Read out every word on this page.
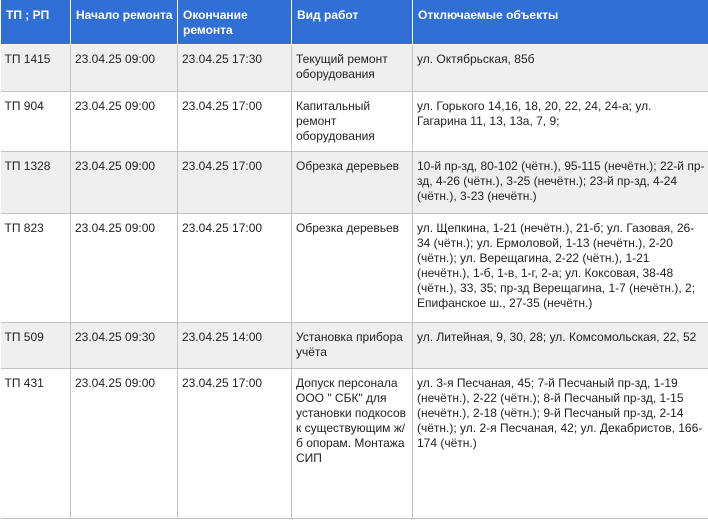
ТП ; РП	Начало ремонта	Окончание ремонта	Вид работ	Отключаемые объекты
ТП 1415	23.04.25 09:00	23.04.25 17:30	Текущий ремонт оборудования	ул. Октябрьская, 85б
ТП 904	23.04.25 09:00	23.04.25 17:00	Капитальный ремонт оборудования	ул. Горького 14,16, 18, 20, 22, 24, 24-а; ул. Гагарина 11, 13, 13а, 7, 9;
ТП 1328	23.04.25 09:00	23.04.25 17:00	Обрезка деревьев	10-й пр-зд, 80-102 (чётн.), 95-115 (нечётн.); 22-й пр-зд, 4-26 (чётн.), 3-25 (нечётн.); 23-й пр-зд, 4-24 (чётн.), 3-23 (нечётн.)
ТП 823	23.04.25 09:00	23.04.25 17:00	Обрезка деревьев	ул. Щепкина, 1-21 (нечётн.), 21-б; ул. Газовая, 26-34 (чётн.); ул. Ермоловой, 1-13 (нечётн.), 2-20 (чётн.); ул. Верещагина, 2-22 (чётн.), 1-21 (нечётн.), 1-б, 1-в, 1-г, 2-а; ул. Коксовая, 38-48 (чётн.), 33, 35; пр-зд Верещагина, 1-7 (нечётн.), 2; Епифанское ш., 27-35 (нечётн.)
ТП 509	23.04.25 09:30	23.04.25 14:00	Установка прибора учёта	ул. Литейная, 9, 30, 28; ул. Комсомольская, 22, 52
ТП 431	23.04.25 09:00	23.04.25 17:00	Допуск персонала ООО " СБК" для установки подкосов к существующим ж/б опорам. Монтажа СИП	ул. 3-я Песчаная, 45; 7-й Песчаный пр-зд, 1-19 (нечётн.), 2-22 (чётн.); 8-й Песчаный пр-зд, 1-15 (нечётн.), 2-18 (чётн.); 9-й Песчаный пр-зд, 2-14 (чётн.); ул. 2-я Песчаная, 42; ул. Декабристов, 166-174 (чётн.)
